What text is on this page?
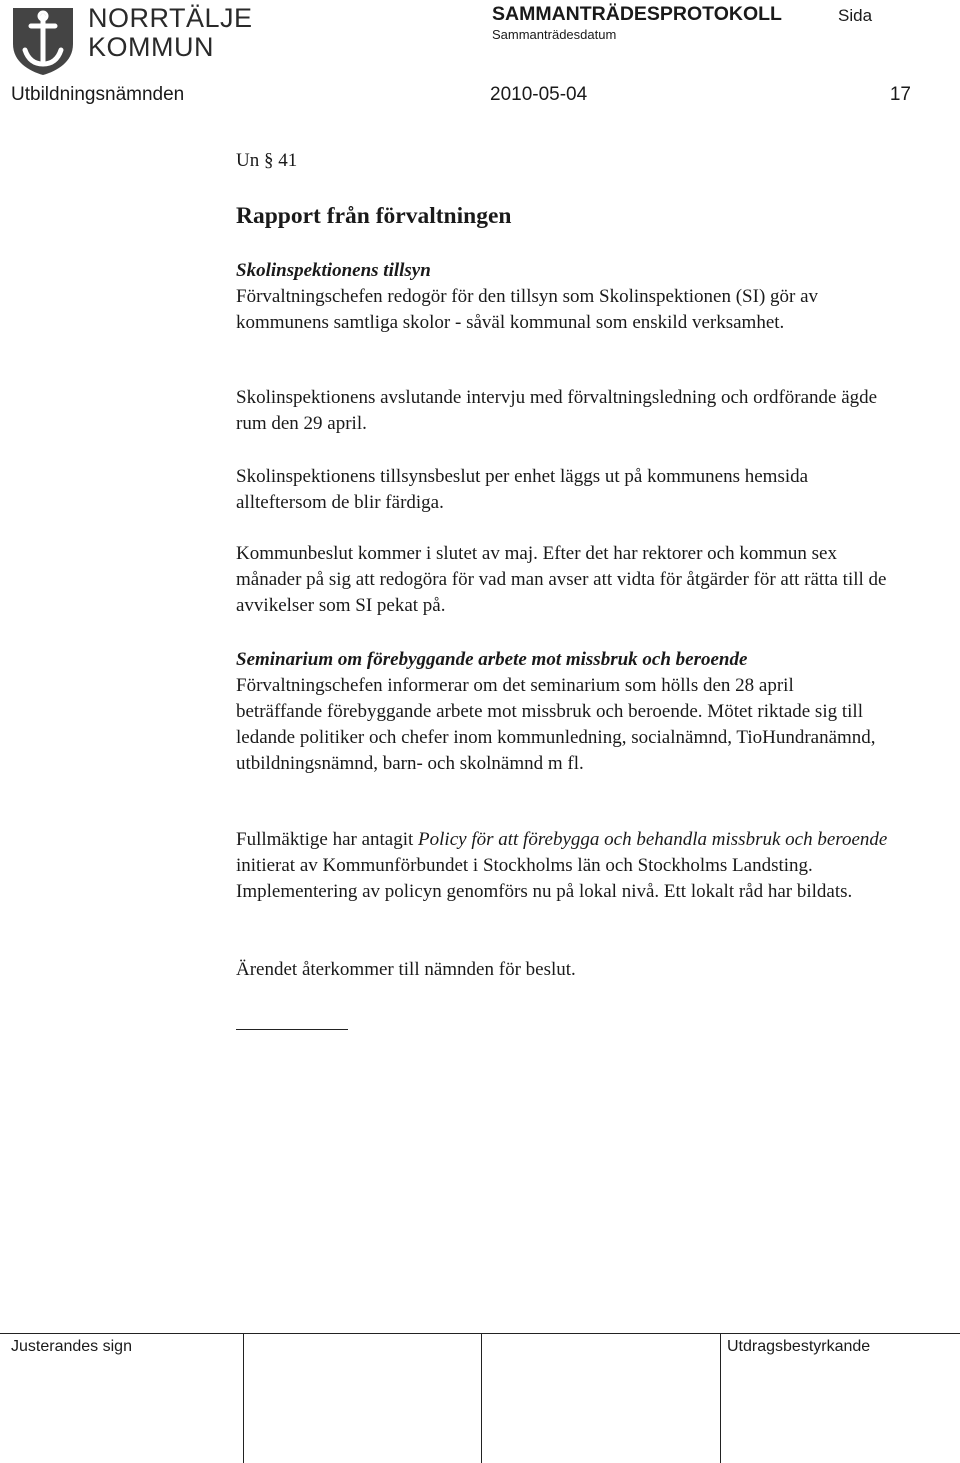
NORRTÄLJE
KOMMUN
SAMMANTRÄDESPROTOKOLL
Sammanträdesdatum
Sida
Utbildningsnämnden	2010-05-04	17
Un § 41
Rapport från förvaltningen

Skolinspektionens tillsyn

Förvaltningschefen redogör för den tillsyn som Skolinspektionen (SI) gör av kommunens samtliga skolor - såväl kommunal som enskild verksamhet.

Skolinspektionens avslutande intervju med förvaltningsledning och ordförande ägde rum den 29 april.
Skolinspektionens tillsynsbeslut per enhet läggs ut på kommunens hemsida allteftersom de blir färdiga.
Kommunbeslut kommer i slutet av maj. Efter det har rektorer och kommun sex månader på sig att redogöra för vad man avser att vidta för åtgärder för att rätta till de avvikelser som SI pekat på.

Seminarium om förebyggande arbete mot missbruk och beroende

Förvaltningschefen informerar om det seminarium som hölls den 28 april beträffande förebyggande arbete mot missbruk och beroende. Mötet riktade sig till ledande politiker och chefer inom kommunledning, socialnämnd, TioHundranämnd, utbildningsnämnd, barn- och skolnämnd m fl.

Fullmäktige har antagit Policy för att förebygga och behandla missbruk och beroende initierat av Kommunförbundet i Stockholms län och Stockholms Landsting. Implementering av policyn genomförs nu på lokal nivå. Ett lokalt råd har bildats.
Ärendet återkommer till nämnden för beslut.
Justerandes sign	Utdragsbestyrkande
